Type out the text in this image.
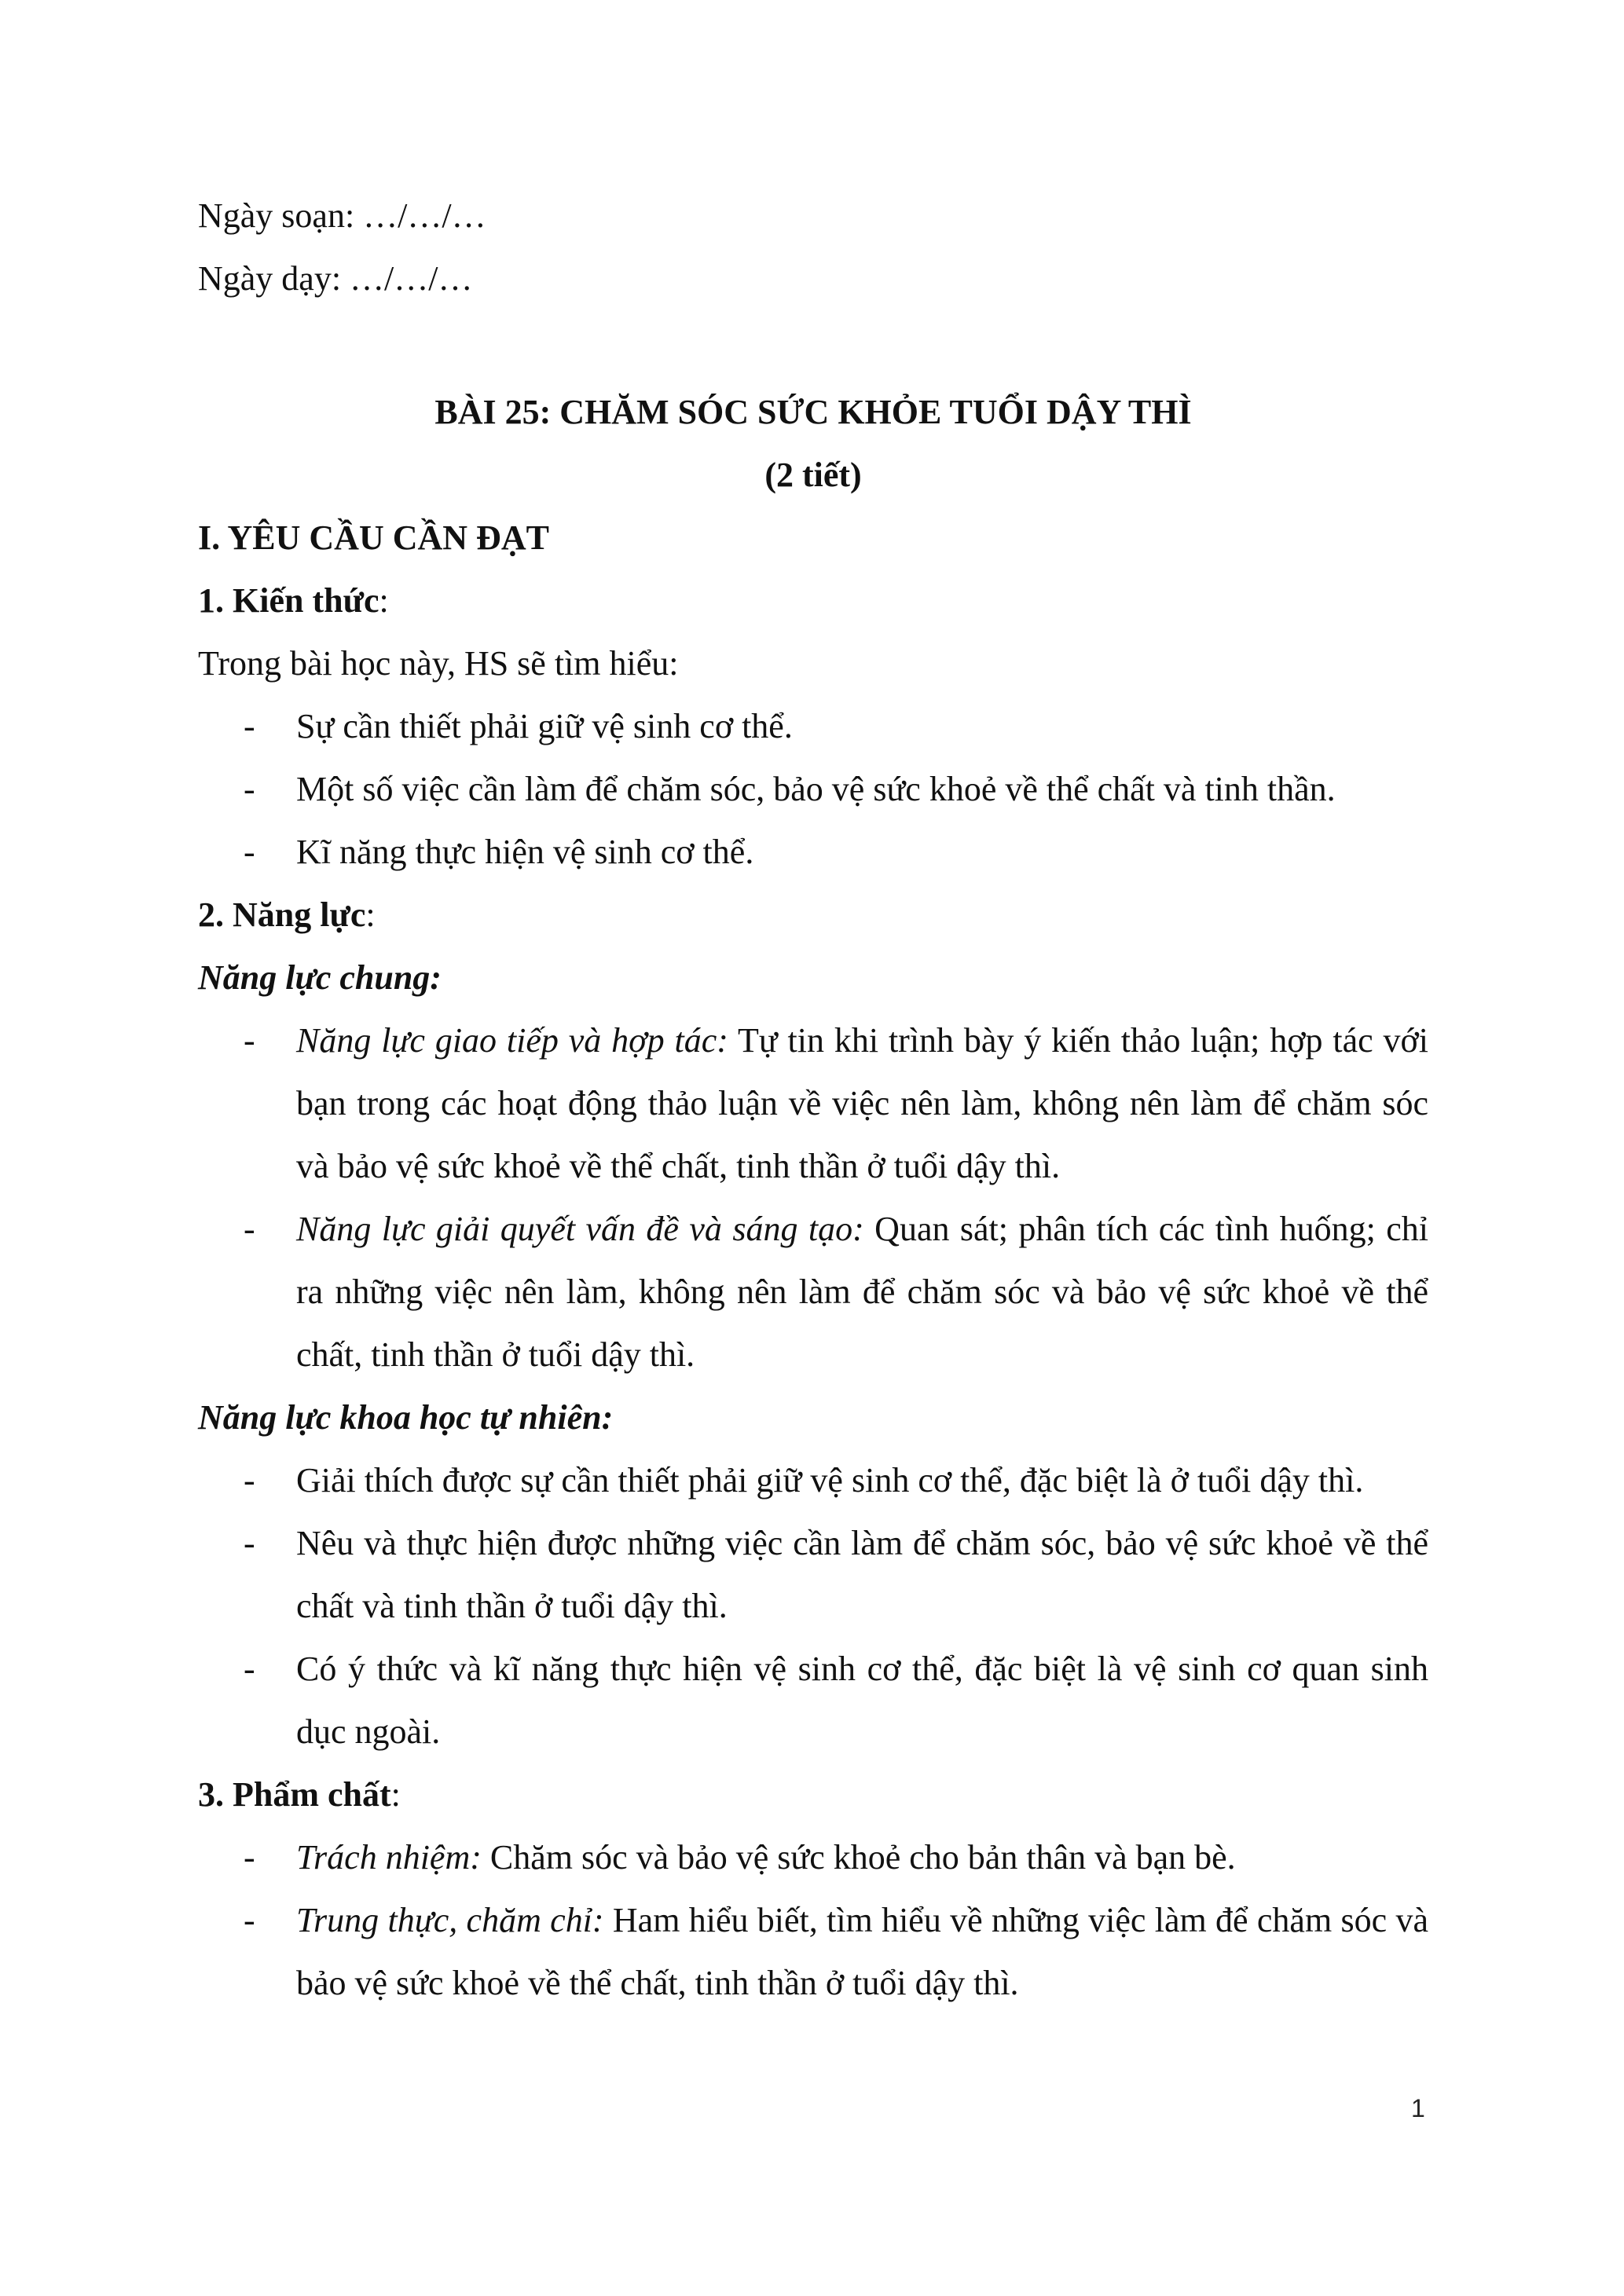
Ngày soạn: …/…/…

Ngày dạy: …/…/…

BÀI 25: CHĂM SÓC SỨC KHỎE TUỔI DẬY THÌ

(2 tiết)

I. YÊU CẦU CẦN ĐẠT

1. Kiến thức:

Trong bài học này, HS sẽ tìm hiểu:

- Sự cần thiết phải giữ vệ sinh cơ thể.
- Một số việc cần làm để chăm sóc, bảo vệ sức khoẻ về thể chất và tinh thần.
- Kĩ năng thực hiện vệ sinh cơ thể.

2. Năng lực:

Năng lực chung:

- Năng lực giao tiếp và hợp tác: Tự tin khi trình bày ý kiến thảo luận; hợp tác với bạn trong các hoạt động thảo luận về việc nên làm, không nên làm để chăm sóc và bảo vệ sức khoẻ về thể chất, tinh thần ở tuổi dậy thì.
- Năng lực giải quyết vấn đề và sáng tạo: Quan sát; phân tích các tình huống; chỉ ra những việc nên làm, không nên làm để chăm sóc và bảo vệ sức khoẻ về thể chất, tinh thần ở tuổi dậy thì.

Năng lực khoa học tự nhiên:

- Giải thích được sự cần thiết phải giữ vệ sinh cơ thể, đặc biệt là ở tuổi dậy thì.
- Nêu và thực hiện được những việc cần làm để chăm sóc, bảo vệ sức khoẻ về thể chất và tinh thần ở tuổi dậy thì.
- Có ý thức và kĩ năng thực hiện vệ sinh cơ thể, đặc biệt là vệ sinh cơ quan sinh dục ngoài.

3. Phẩm chất:

- Trách nhiệm: Chăm sóc và bảo vệ sức khoẻ cho bản thân và bạn bè.
- Trung thực, chăm chỉ: Ham hiểu biết, tìm hiểu về những việc làm để chăm sóc và bảo vệ sức khoẻ về thể chất, tinh thần ở tuổi dậy thì.
1
